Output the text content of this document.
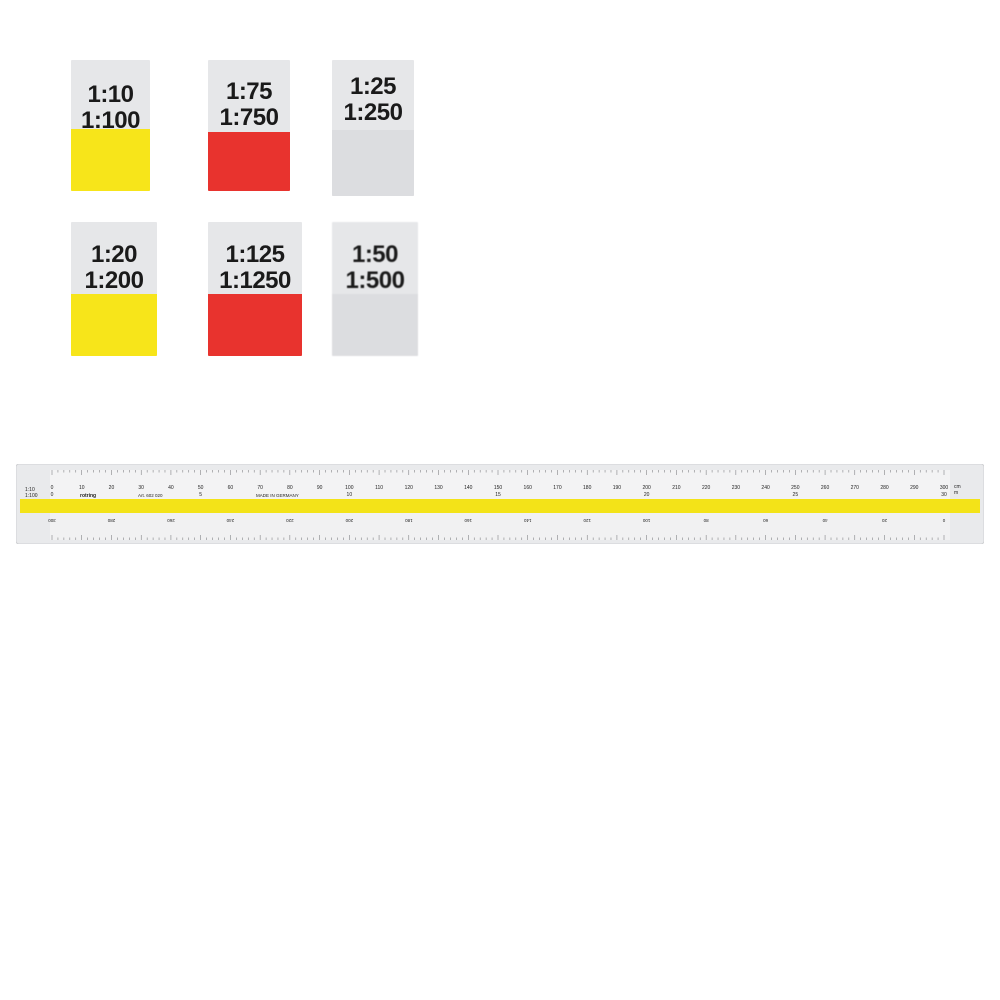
1:10
1:100
1:75
1:750
1:25
1:250
1:20
1:200
1:125
1:1250
1:50
1:500
0	10	20	30	40	50	60	70	80	90	100	110	120	130	140	150	160	170	180	190	200	210	220	230	240	250	260	270	280	290	300
0	5	10	15	20	25	30
300	280	260	240	220	200	180	160	140	120	100	80	60	40	20	0
1:10
1:100
cm
m
rotring	Art. 602 020	MADE IN GERMANY
